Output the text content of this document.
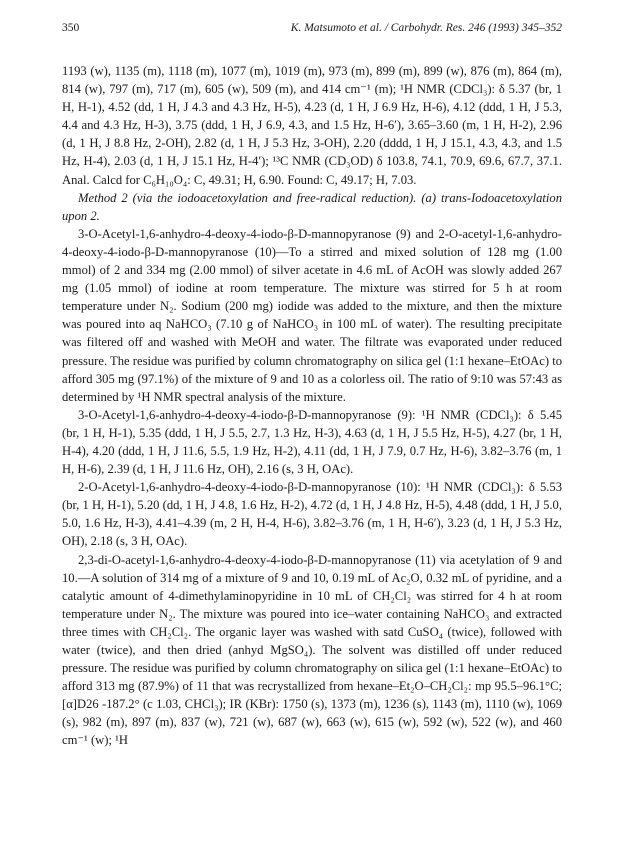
350	K. Matsumoto et al. / Carbohydr. Res. 246 (1993) 345–352

1193 (w), 1135 (m), 1118 (m), 1077 (m), 1019 (m), 973 (m), 899 (m), 899 (w), 876 (m), 864 (m), 814 (w), 797 (m), 717 (m), 605 (w), 509 (m), and 414 cm⁻¹ (m); ¹H NMR (CDCl₃): δ 5.37 (br, 1 H, H-1), 4.52 (dd, 1 H, J 4.3 and 4.3 Hz, H-5), 4.23 (d, 1 H, J 6.9 Hz, H-6), 4.12 (ddd, 1 H, J 5.3, 4.4 and 4.3 Hz, H-3), 3.75 (ddd, 1 H, J 6.9, 4.3, and 1.5 Hz, H-6′), 3.65–3.60 (m, 1 H, H-2), 2.96 (d, 1 H, J 8.8 Hz, 2-OH), 2.82 (d, 1 H, J 5.3 Hz, 3-OH), 2.20 (dddd, 1 H, J 15.1, 4.3, 4.3, and 1.5 Hz, H-4), 2.03 (d, 1 H, J 15.1 Hz, H-4′); ¹³C NMR (CD₃OD) δ 103.8, 74.1, 70.9, 69.6, 67.7, 37.1. Anal. Calcd for C₆H₁₀O₄: C, 49.31; H, 6.90. Found: C, 49.17; H, 7.03.

Method 2 (via the iodoacetoxylation and free-radical reduction). (a) trans-Iodoacetoxylation upon 2.

3-O-Acetyl-1,6-anhydro-4-deoxy-4-iodo-β-D-mannopyranose (9) and 2-O-acetyl-1,6-anhydro-4-deoxy-4-iodo-β-D-mannopyranose (10)—To a stirred and mixed solution of 128 mg (1.00 mmol) of 2 and 334 mg (2.00 mmol) of silver acetate in 4.6 mL of AcOH was slowly added 267 mg (1.05 mmol) of iodine at room temperature. The mixture was stirred for 5 h at room temperature under N₂. Sodium (200 mg) iodide was added to the mixture, and then the mixture was poured into aq NaHCO₃ (7.10 g of NaHCO₃ in 100 mL of water). The resulting precipitate was filtered off and washed with MeOH and water. The filtrate was evaporated under reduced pressure. The residue was purified by column chromatography on silica gel (1:1 hexane–EtOAc) to afford 305 mg (97.1%) of the mixture of 9 and 10 as a colorless oil. The ratio of 9:10 was 57:43 as determined by ¹H NMR spectral analysis of the mixture.

3-O-Acetyl-1,6-anhydro-4-deoxy-4-iodo-β-D-mannopyranose (9): ¹H NMR (CDCl₃): δ 5.45 (br, 1 H, H-1), 5.35 (ddd, 1 H, J 5.5, 2.7, 1.3 Hz, H-3), 4.63 (d, 1 H, J 5.5 Hz, H-5), 4.27 (br, 1 H, H-4), 4.20 (ddd, 1 H, J 11.6, 5.5, 1.9 Hz, H-2), 4.11 (dd, 1 H, J 7.9, 0.7 Hz, H-6), 3.82–3.76 (m, 1 H, H-6), 2.39 (d, 1 H, J 11.6 Hz, OH), 2.16 (s, 3 H, OAc).

2-O-Acetyl-1,6-anhydro-4-deoxy-4-iodo-β-D-mannopyranose (10): ¹H NMR (CDCl₃): δ 5.53 (br, 1 H, H-1), 5.20 (dd, 1 H, J 4.8, 1.6 Hz, H-2), 4.72 (d, 1 H, J 4.8 Hz, H-5), 4.48 (ddd, 1 H, J 5.0, 5.0, 1.6 Hz, H-3), 4.41–4.39 (m, 2 H, H-4, H-6), 3.82–3.76 (m, 1 H, H-6′), 3.23 (d, 1 H, J 5.3 Hz, OH), 2.18 (s, 3 H, OAc).

2,3-di-O-acetyl-1,6-anhydro-4-deoxy-4-iodo-β-D-mannopyranose (11) via acetylation of 9 and 10.—A solution of 314 mg of a mixture of 9 and 10, 0.19 mL of Ac₂O, 0.32 mL of pyridine, and a catalytic amount of 4-dimethylaminopyridine in 10 mL of CH₂Cl₂ was stirred for 4 h at room temperature under N₂. The mixture was poured into ice–water containing NaHCO₃ and extracted three times with CH₂Cl₂. The organic layer was washed with satd CuSO₄ (twice), followed with water (twice), and then dried (anhyd MgSO₄). The solvent was distilled off under reduced pressure. The residue was purified by column chromatography on silica gel (1:1 hexane–EtOAc) to afford 313 mg (87.9%) of 11 that was recrystallized from hexane–Et₂O–CH₂Cl₂: mp 95.5–96.1°C; [α]D26 -187.2° (c 1.03, CHCl₃); IR (KBr): 1750 (s), 1373 (m), 1236 (s), 1143 (m), 1110 (w), 1069 (s), 982 (m), 897 (m), 837 (w), 721 (w), 687 (w), 663 (w), 615 (w), 592 (w), 522 (w), and 460 cm⁻¹ (w); ¹H
